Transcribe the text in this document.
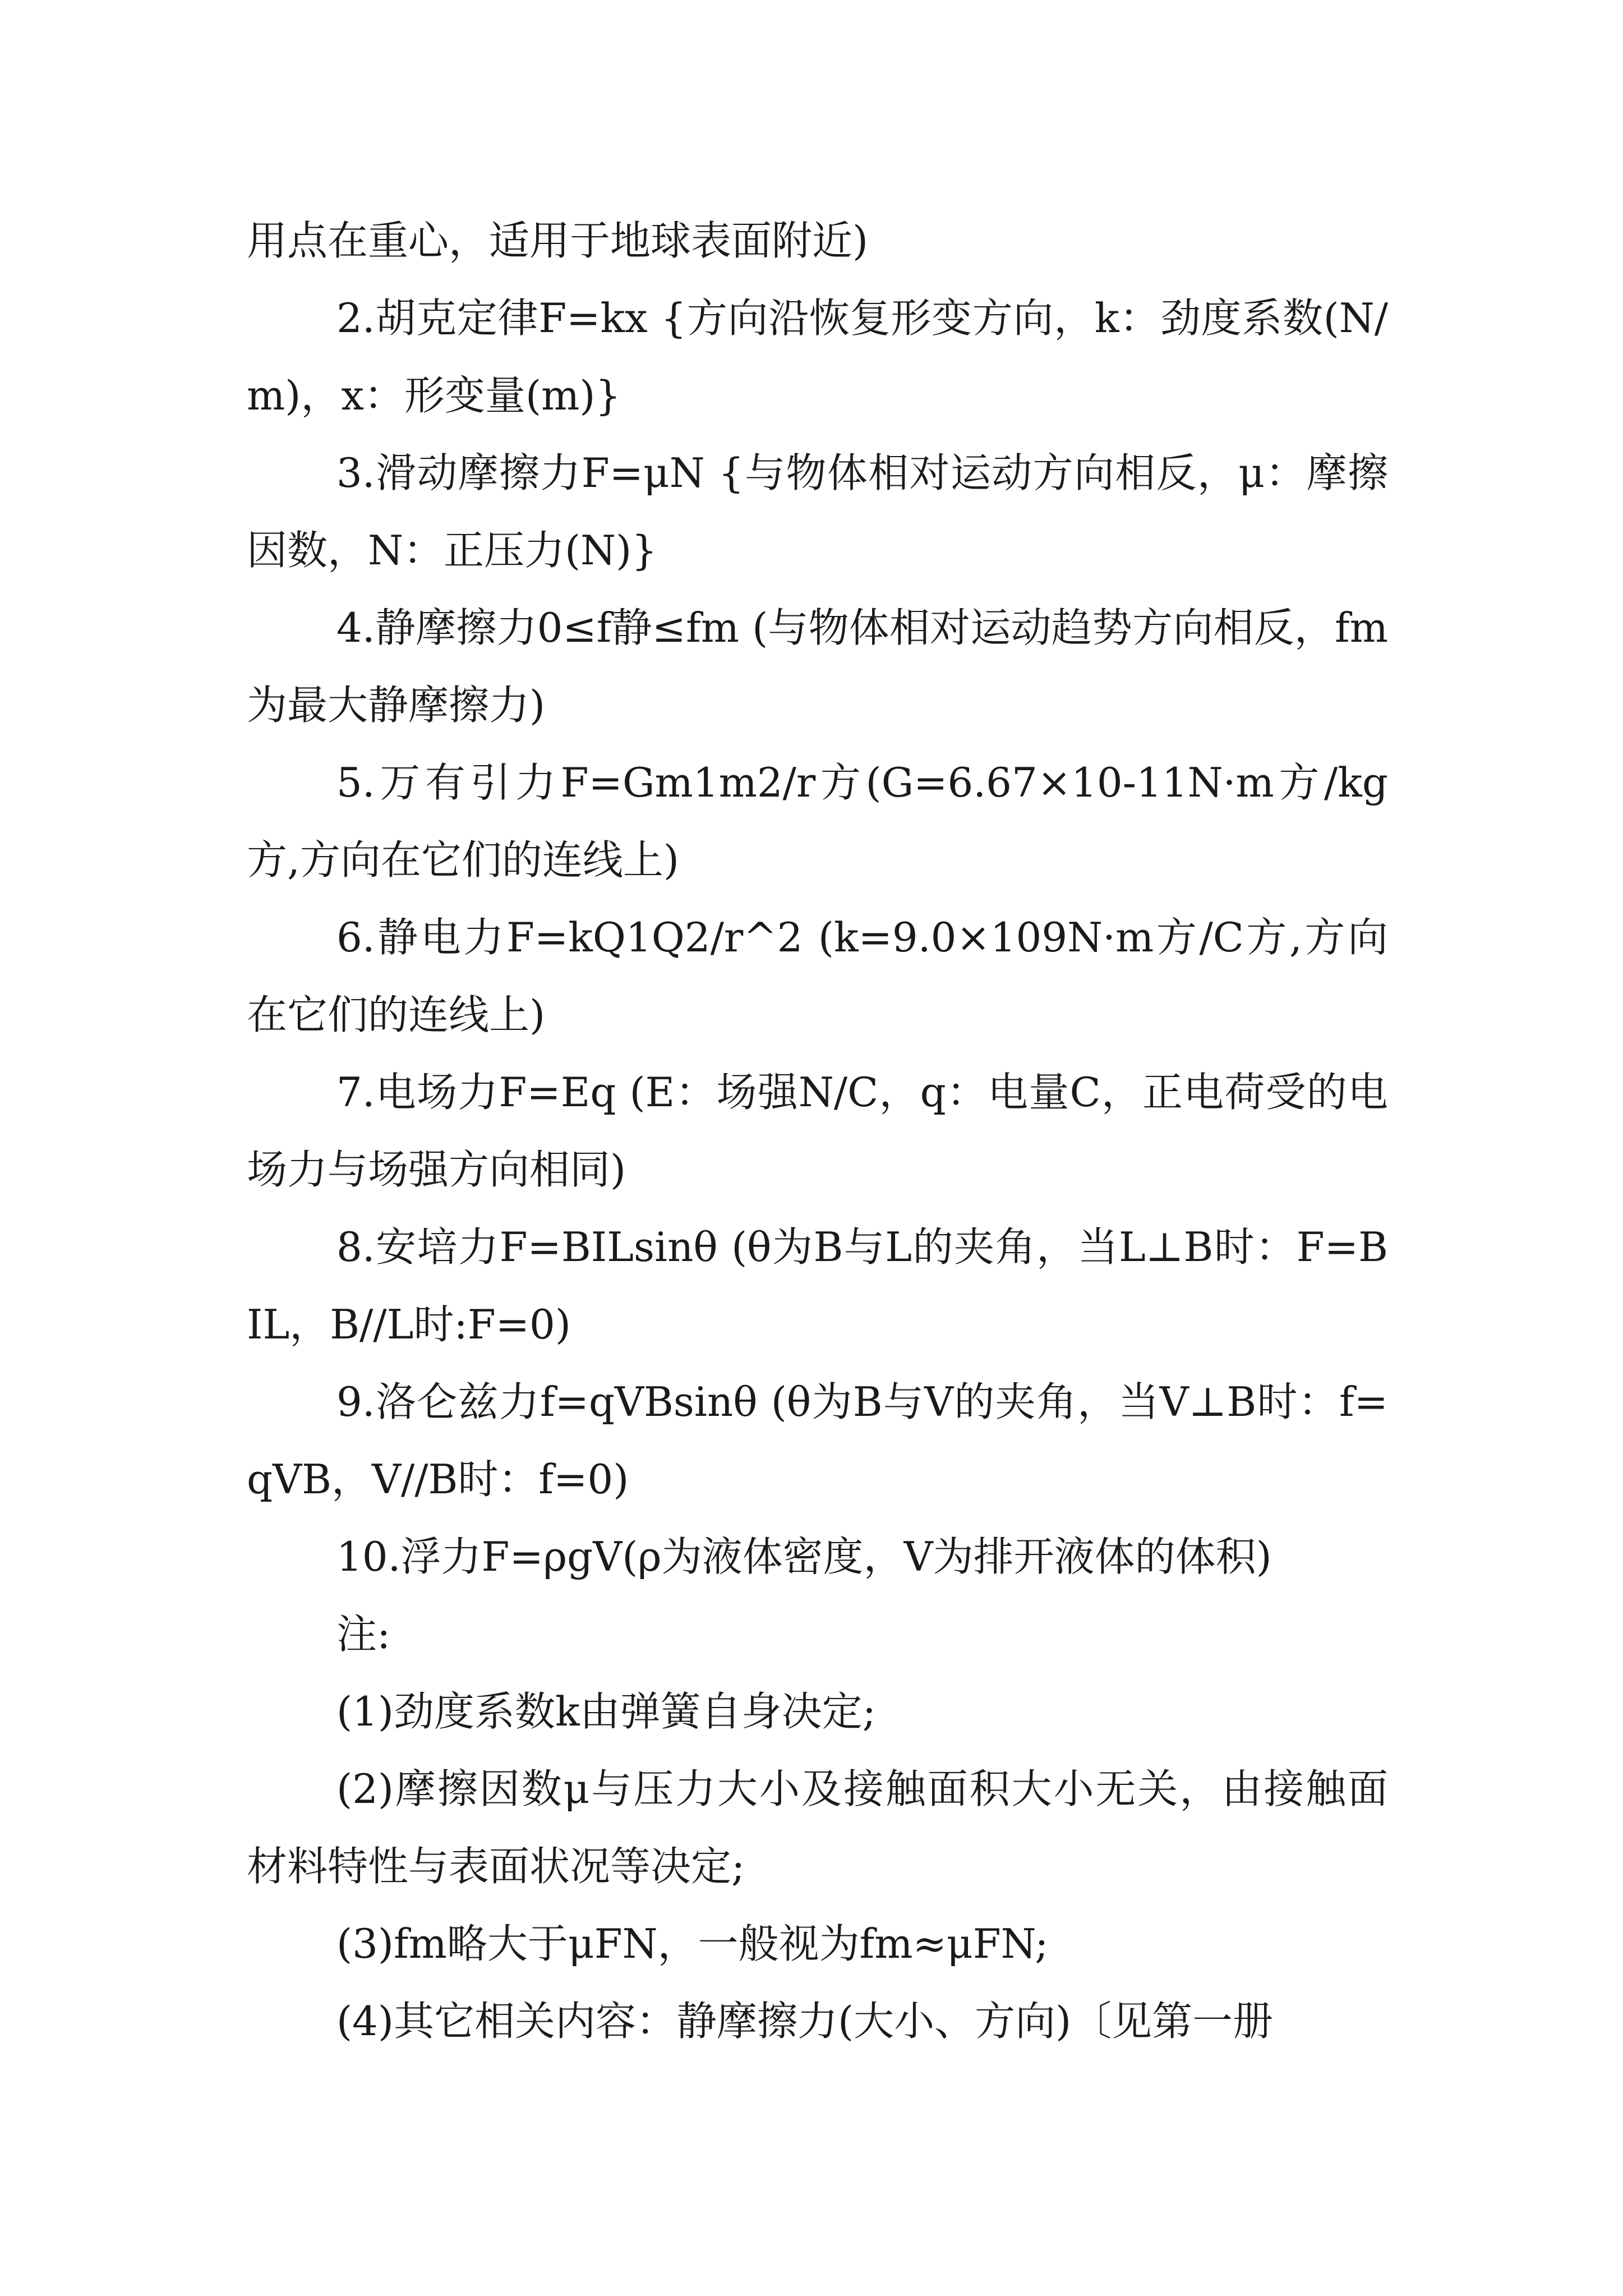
用点在重心，适用于地球表面附近)

2.胡克定律F=kx {方向沿恢复形变方向，k：劲度系数(N/m)，x：形变量(m)}

3.滑动摩擦力F=μN {与物体相对运动方向相反，μ：摩擦因数，N：正压力(N)}

4.静摩擦力0≤f静≤fm (与物体相对运动趋势方向相反，fm为最大静摩擦力)

5.万有引力F=Gm1m2/r方(G=6.67×10-11N·m方/kg方,方向在它们的连线上)

6.静电力F=kQ1Q2/r^2 (k=9.0×109N·m方/C方,方向在它们的连线上)

7.电场力F=Eq (E：场强N/C，q：电量C，正电荷受的电场力与场强方向相同)

8.安培力F=BILsinθ (θ为B与L的夹角，当L⊥B时：F=BIL，B//L时:F=0)

9.洛仑兹力f=qVBsinθ (θ为B与V的夹角，当V⊥B时：f=qVB，V//B时：f=0)

10.浮力F=ρgV(ρ为液体密度，V为排开液体的体积)

注:

(1)劲度系数k由弹簧自身决定;

(2)摩擦因数μ与压力大小及接触面积大小无关，由接触面材料特性与表面状况等决定;

(3)fm略大于μFN，一般视为fm≈μFN;

(4)其它相关内容：静摩擦力(大小、方向)〔见第一册
